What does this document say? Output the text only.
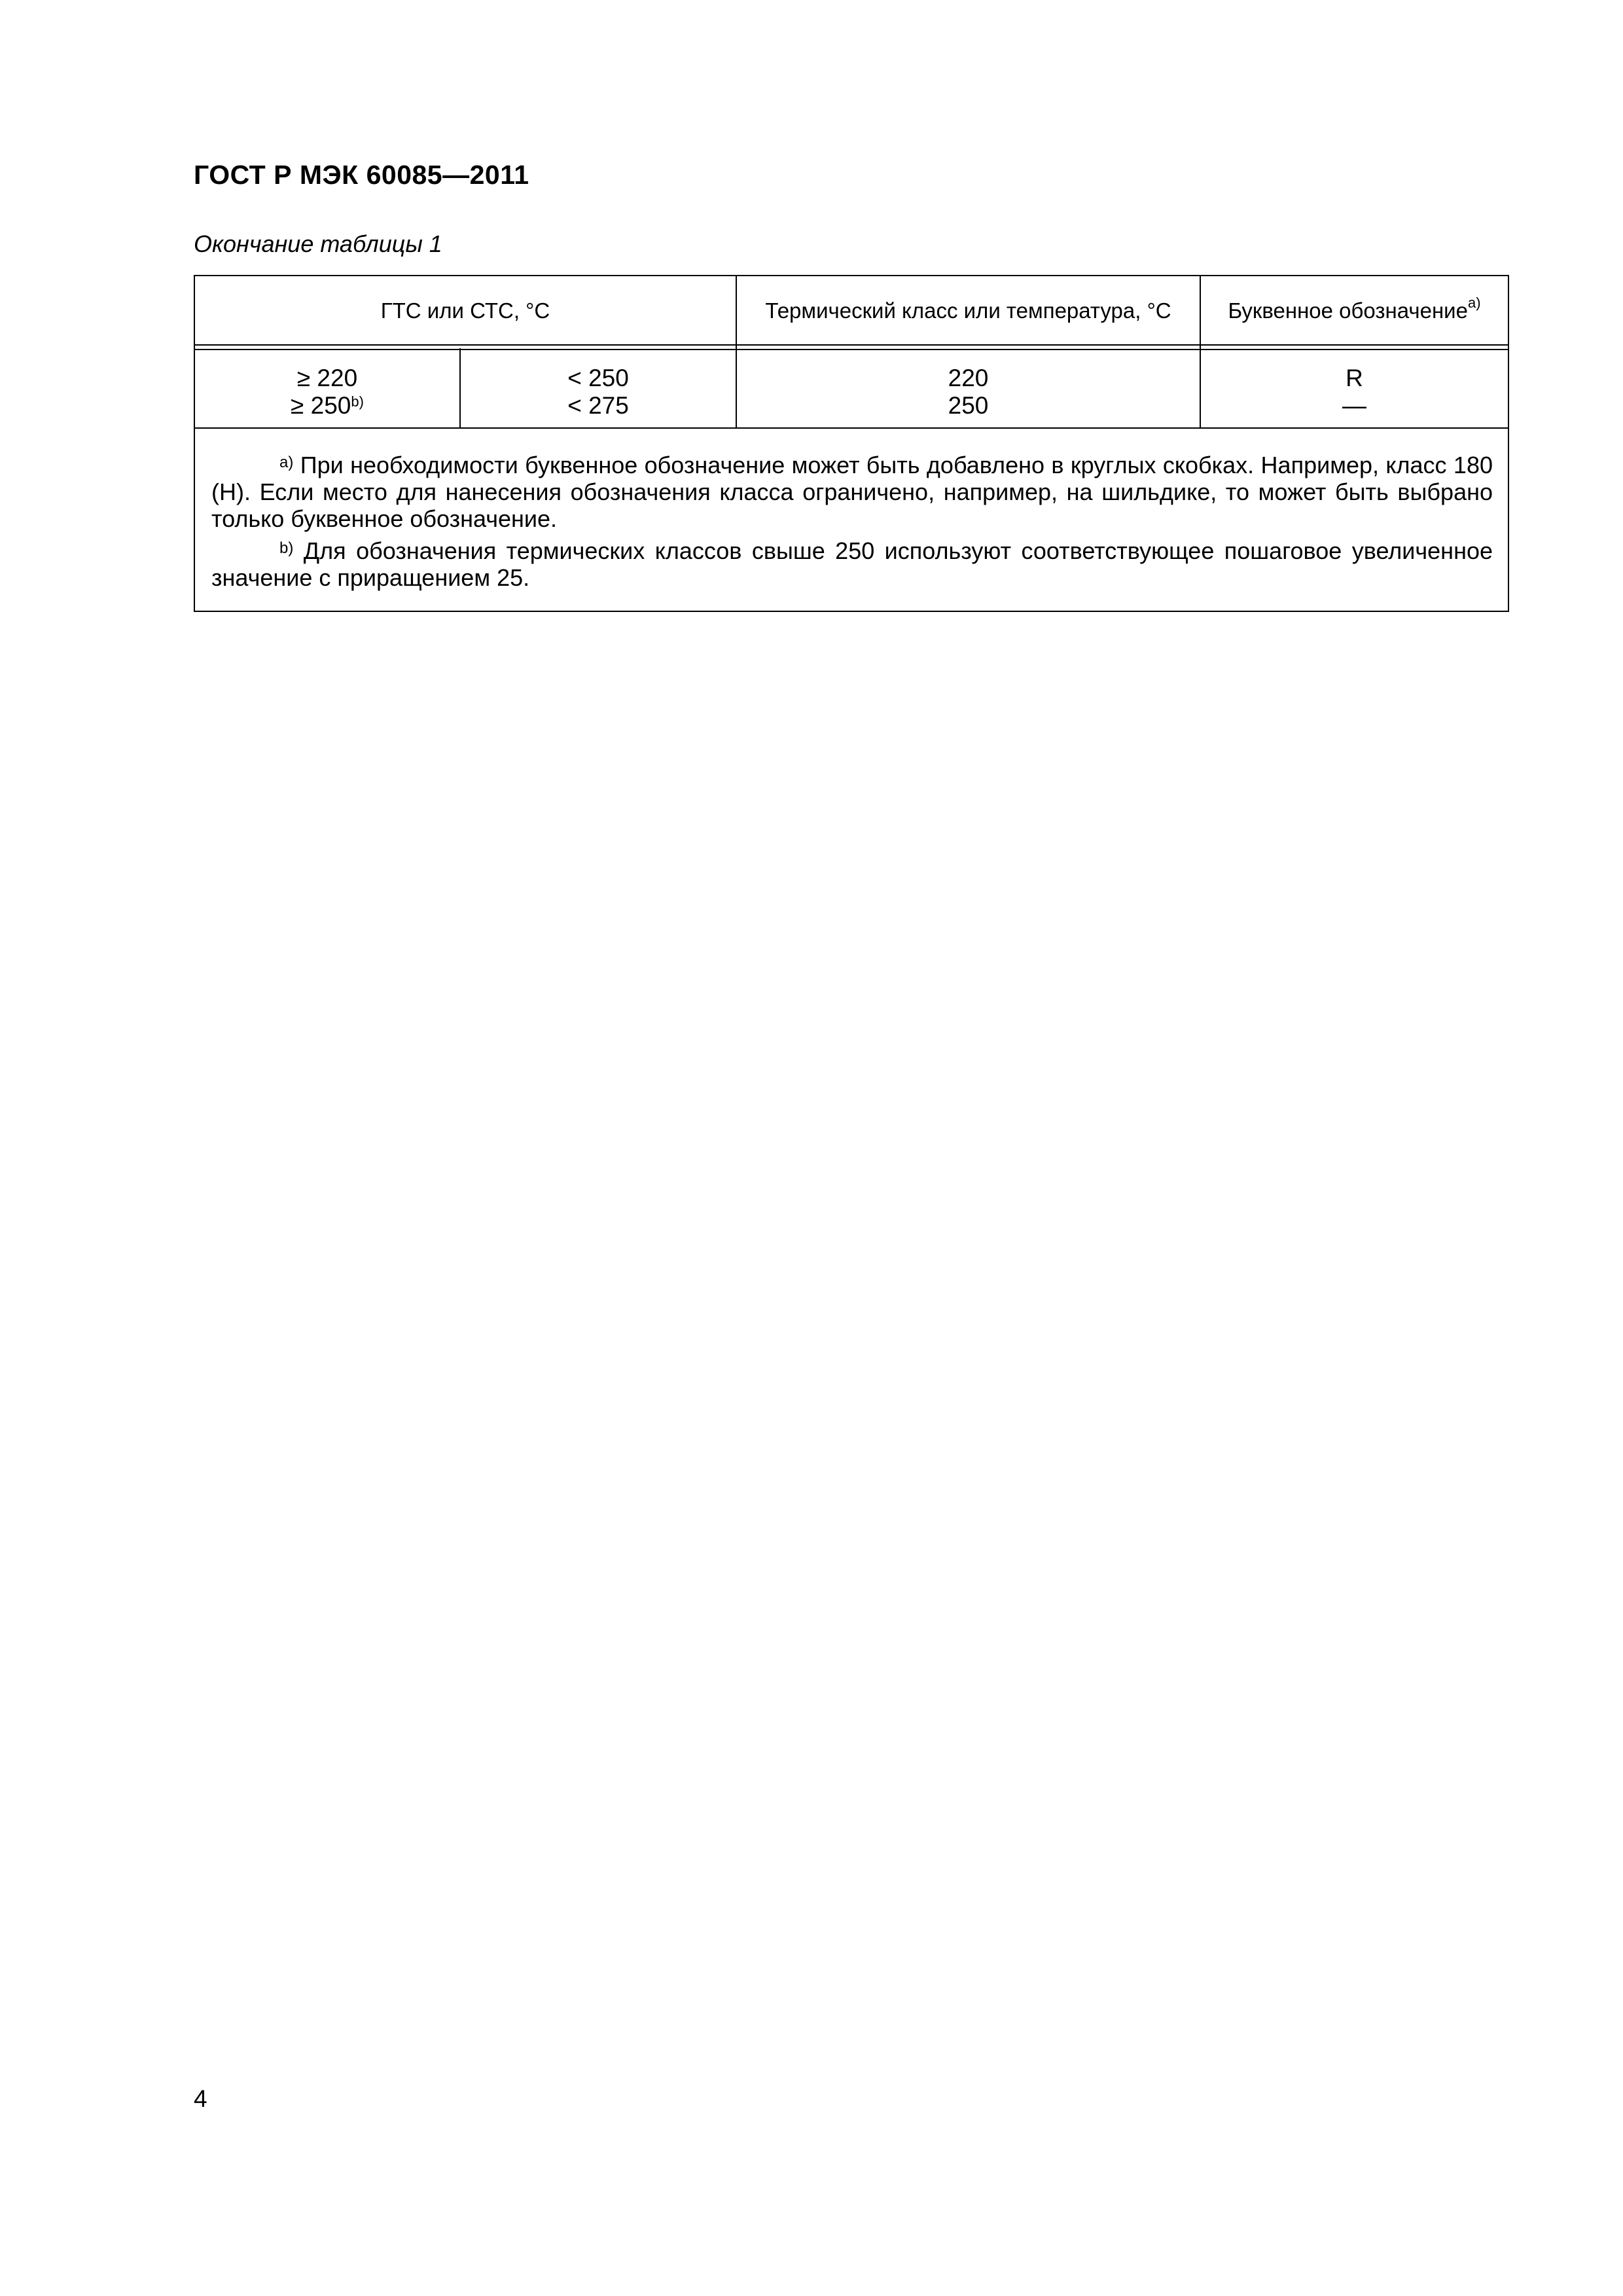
ГОСТ Р МЭК 60085—2011
Окончание таблицы 1
ГТС или СТС, °С	Термический класс или температура, °С	Буквенное обозначение$^{a)}$
≥ 220
≥ 250$^{b)}$
< 250
< 275
220
250
R
—

$^{a)}$ При необходимости буквенное обозначение может быть добавлено в круглых скобках. Например, класс 180 (H). Если место для нанесения обозначения класса ограничено, например, на шильдике, то может быть выбрано только буквенное обозначение.

$^{b)}$ Для обозначения термических классов свыше 250 используют соответствующее пошаговое увеличенное значение с приращением 25.

4
